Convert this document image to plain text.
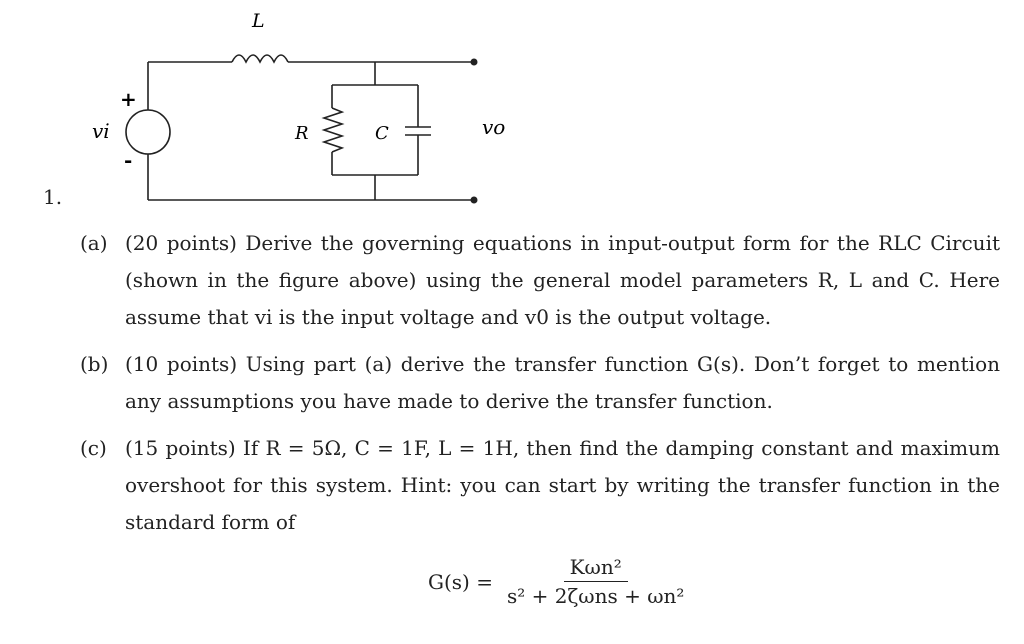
L
R	C
vi	vo
+
-
1.
(a) (20 points) Derive the governing equations in input-output form for the RLC Circuit (shown in the figure above) using the general model parameters R, L and C. Here assume that vi is the input voltage and v0 is the output voltage.
(b) (10 points) Using part (a) derive the transfer function G(s). Don’t forget to mention any assumptions you have made to derive the transfer function.
(c) (15 points) If R = 5Ω, C = 1F, L = 1H, then find the damping constant and maximum overshoot for this system. Hint: you can start by writing the transfer function in the standard form of
$G(s) = \frac{\text{Kωn²}}{\text{s² + 2ζωns + ωn²}}$
